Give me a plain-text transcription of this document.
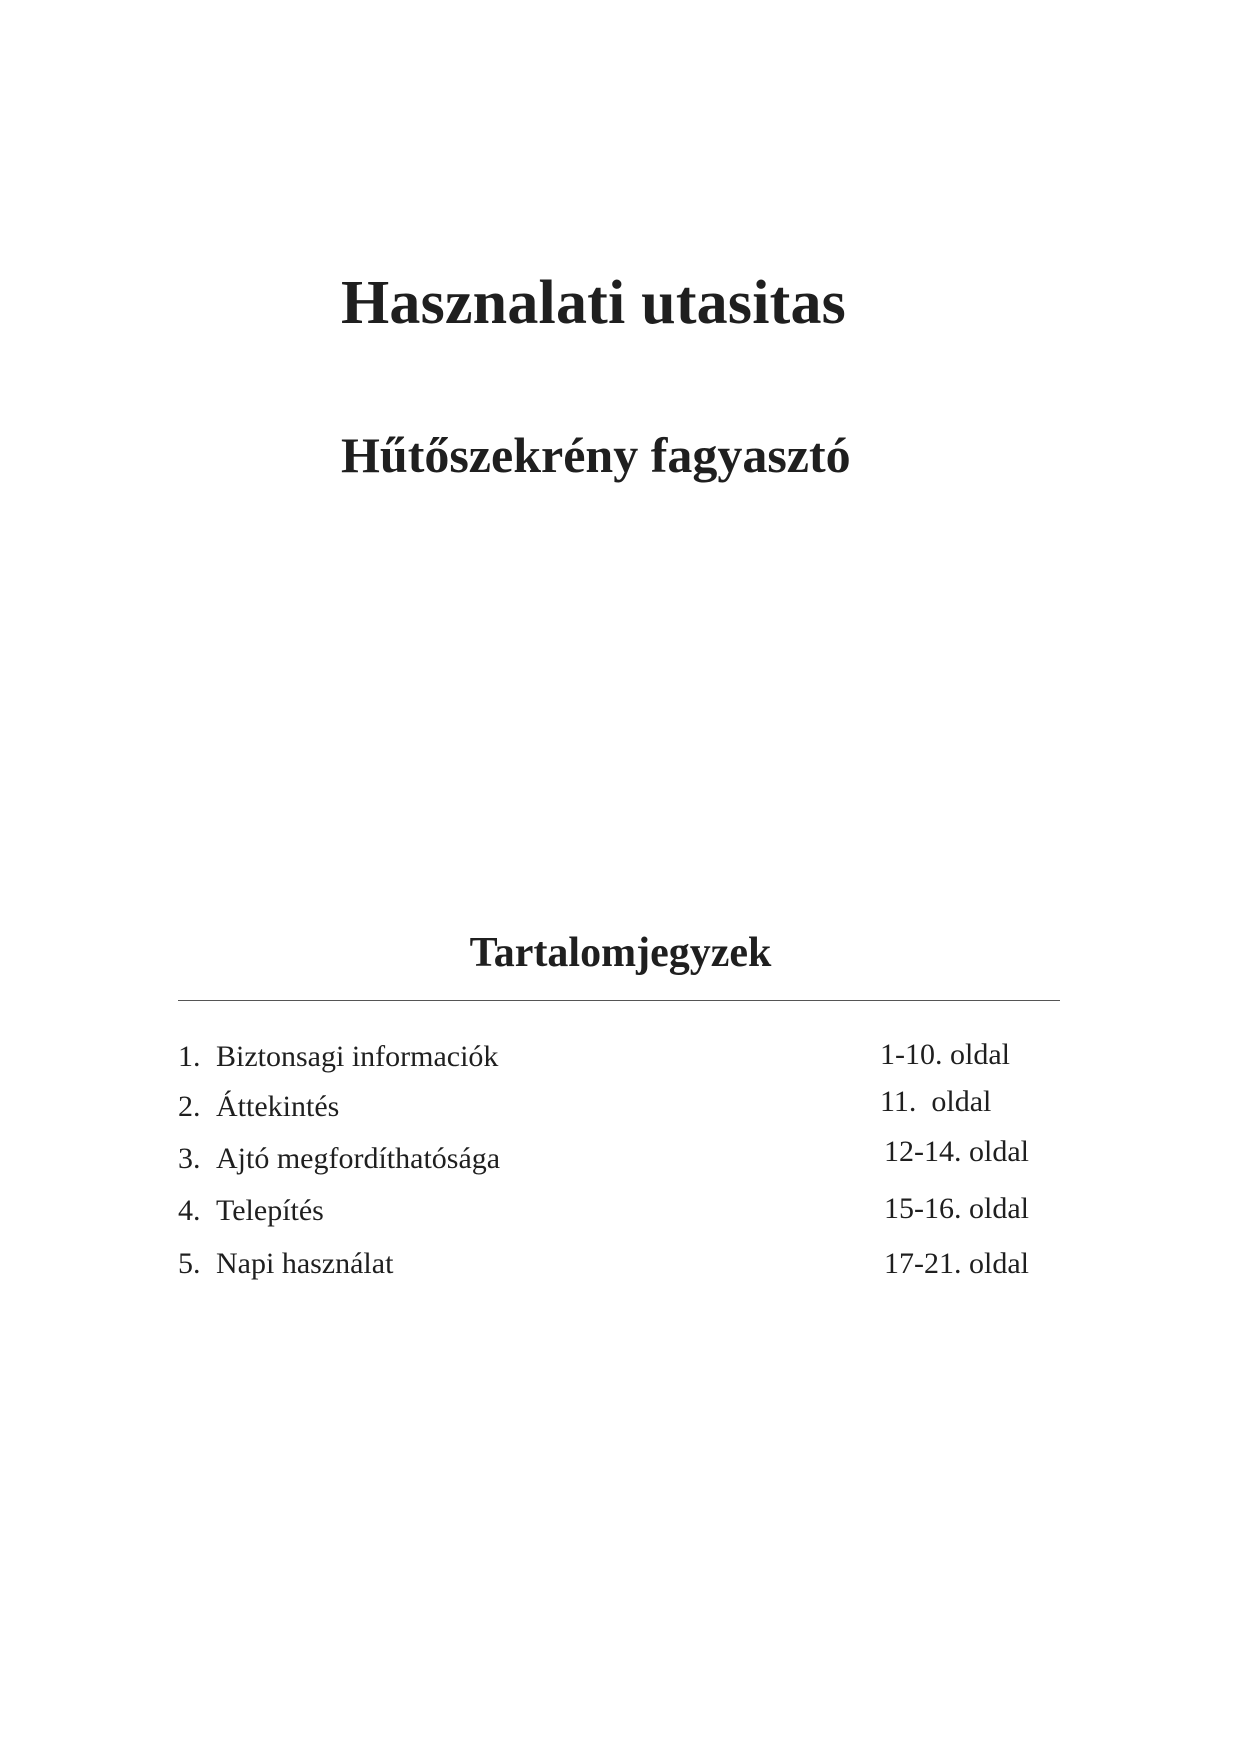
Hasznalati utasitas
Hűtőszekrény fagyasztó
Tartalomjegyzek
1. Biztonsagi informaciók	1-10. oldal
2. Áttekintés	11.  oldal
3. Ajtó megfordíthatósága	12-14. oldal
4. Telepítés	15-16. oldal
5. Napi használat	17-21. oldal
